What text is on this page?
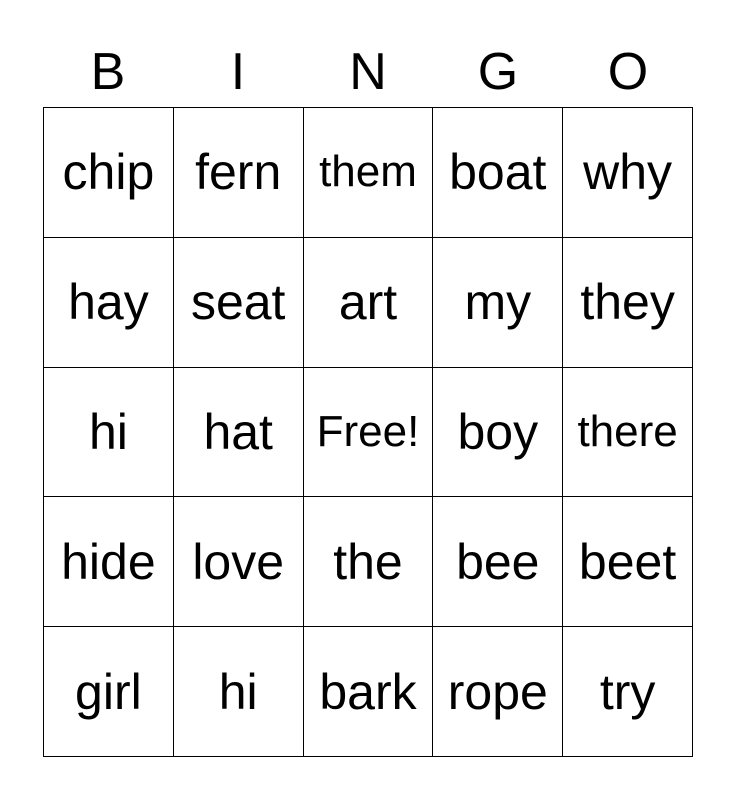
B	I	N	G	O
chip fern them boat why
hay seat	art	my they
hi	hat Free! boy there
hide love the	bee beet
girl	hi	bark rope	try
